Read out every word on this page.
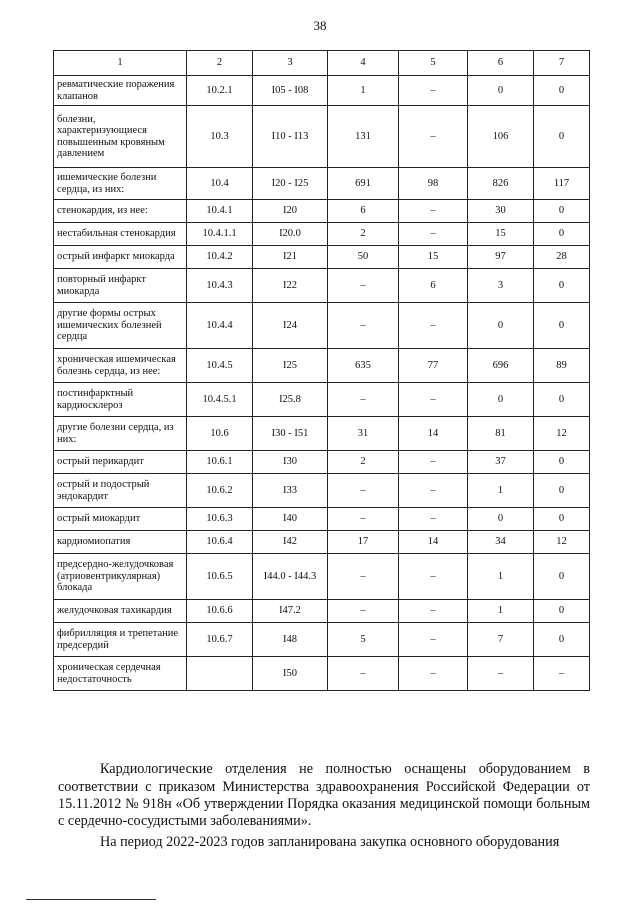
38
1	2	3	4	5	6	7
ревматические поражения клапанов	10.2.1	I05 - I08	1	–	0	0
болезни, характеризующиеся повышенным кровяным давлением	10.3	I10 - I13	131	–	106	0
ишемические болезни сердца, из них:	10.4	I20 - I25	691	98	826	117
стенокардия, из нее:	10.4.1	I20	6	–	30	0
нестабильная стенокардия	10.4.1.1	I20.0	2	–	15	0
острый инфаркт миокарда	10.4.2	I21	50	15	97	28
повторный инфаркт миокарда	10.4.3	I22	–	6	3	0
другие формы острых ишемических болезней сердца	10.4.4	I24	–	–	0	0
хроническая ишемическая болезнь сердца, из нее:	10.4.5	I25	635	77	696	89
постинфарктный кардиосклероз	10.4.5.1	I25.8	–	–	0	0
другие болезни сердца, из них:	10.6	I30 - I51	31	14	81	12
острый перикардит	10.6.1	I30	2	–	37	0
острый и подострый эндокардит	10.6.2	I33	–	–	1	0
острый миокардит	10.6.3	I40	–	–	0	0
кардиомиопатия	10.6.4	I42	17	14	34	12
предсердно-желудочковая (атриовентрикулярная) блокада	10.6.5	I44.0 - I44.3	–	–	1	0
желудочковая тахикардия	10.6.6	I47.2	–	–	1	0
фибрилляция и трепетание предсердий	10.6.7	I48	5	–	7	0
хроническая сердечная недостаточность		I50	–	–	–	–

Кардиологические отделения не полностью оснащены оборудованием в соответствии с приказом Министерства здравоохранения Российской Федерации от 15.11.2012 № 918н «Об утверждении Порядка оказания медицинской помощи больным с сердечно-сосудистыми заболеваниями».

На период 2022-2023 годов запланирована закупка основного оборудования
